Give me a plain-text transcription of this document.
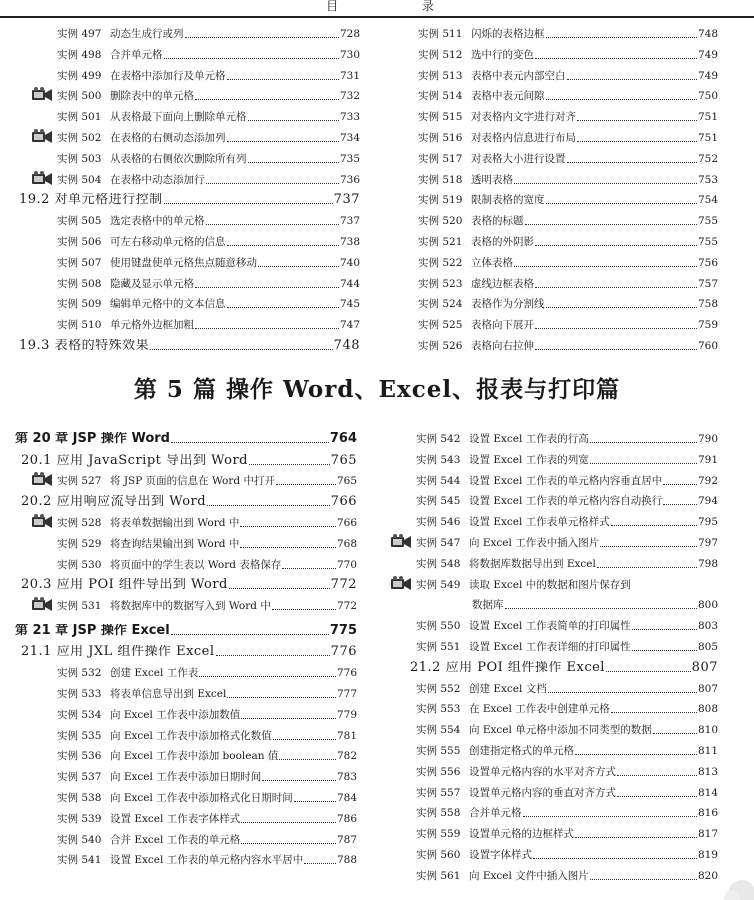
目 录
实例 497 动态生成行或列	728
实例 498 合并单元格	730
实例 499 在表格中添加行及单元格	731
实例 500 删除表中的单元格	732
实例 501 从表格最下面向上删除单元格	733
实例 502 在表格的右侧动态添加列	734
实例 503 从表格的右侧依次删除所有列	735
实例 504 在表格中动态添加行	736
19.2 对单元格进行控制	737
实例 505 选定表格中的单元格	737
实例 506 可左右移动单元格的信息	738
实例 507 使用键盘使单元格焦点随意移动	740
实例 508 隐藏及显示单元格	744
实例 509 编辑单元格中的文本信息	745
实例 510 单元格外边框加粗	747
19.3 表格的特殊效果	748
实例 511 闪烁的表格边框	748
实例 512 选中行的变色	749
实例 513 表格中表元内部空白	749
实例 514 表格中表元间隙	750
实例 515 对表格内文字进行对齐	751
实例 516 对表格内信息进行布局	751
实例 517 对表格大小进行设置	752
实例 518 透明表格	753
实例 519 限制表格的宽度	754
实例 520 表格的标题	755
实例 521 表格的外阴影	755
实例 522 立体表格	756
实例 523 虚线边框表格	757
实例 524 表格作为分割线	758
实例 525 表格向下展开	759
实例 526 表格向右拉伸	760
第 5 篇 操作 Word、Excel、报表与打印篇
第 20 章 JSP 操作 Word	764
20.1 应用 JavaScript 导出到 Word	765
实例 527 将 JSP 页面的信息在 Word 中打开	765
20.2 应用响应流导出到 Word	766
实例 528 将表单数据输出到 Word 中	766
实例 529 将查询结果输出到 Word 中	768
实例 530 将页面中的学生表以 Word 表格保存	770
20.3 应用 POI 组件导出到 Word	772
实例 531 将数据库中的数据写入到 Word 中	772
第 21 章 JSP 操作 Excel	775
21.1 应用 JXL 组件操作 Excel	776
实例 532 创建 Excel 工作表	776
实例 533 将表单信息导出到 Excel	777
实例 534 向 Excel 工作表中添加数值	779
实例 535 向 Excel 工作表中添加格式化数值	781
实例 536 向 Excel 工作表中添加 boolean 值	782
实例 537 向 Excel 工作表中添加日期时间	783
实例 538 向 Excel 工作表中添加格式化日期时间	784
实例 539 设置 Excel 工作表字体样式	786
实例 540 合并 Excel 工作表的单元格	787
实例 541 设置 Excel 工作表的单元格内容水平居中	788
实例 542 设置 Excel 工作表的行高	790
实例 543 设置 Excel 工作表的列宽	791
实例 544 设置 Excel 工作表的单元格内容垂直居中	792
实例 545 设置 Excel 工作表的单元格内容自动换行	794
实例 546 设置 Excel 工作表单元格样式	795
实例 547 向 Excel 工作表中插入图片	797
实例 548 将数据库数据导出到 Excel	798
实例 549 读取 Excel 中的数据和图片保存到
数据库	800
实例 550 设置 Excel 工作表简单的打印属性	803
实例 551 设置 Excel 工作表详细的打印属性	805
21.2 应用 POI 组件操作 Excel	807
实例 552 创建 Excel 文档	807
实例 553 在 Excel 工作表中创建单元格	808
实例 554 向 Excel 单元格中添加不同类型的数据	810
实例 555 创建指定格式的单元格	811
实例 556 设置单元格内容的水平对齐方式	813
实例 557 设置单元格内容的垂直对齐方式	814
实例 558 合并单元格	816
实例 559 设置单元格的边框样式	817
实例 560 设置字体样式	819
实例 561 向 Excel 文件中插入图片	820
